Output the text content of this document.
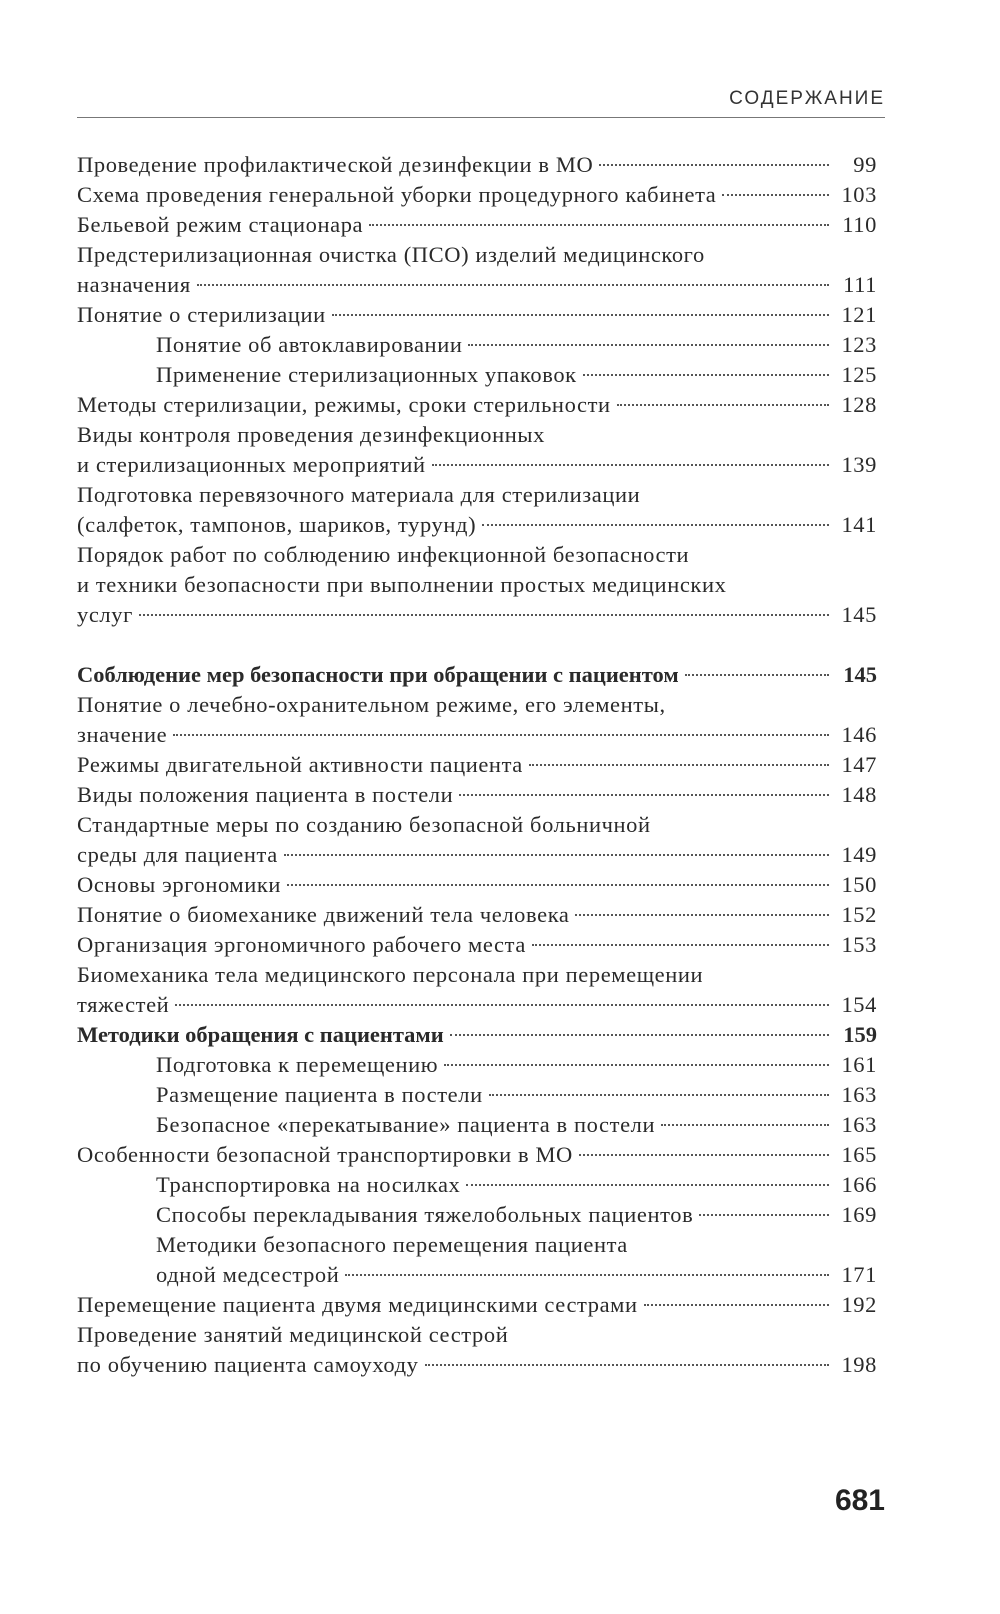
СОДЕРЖАНИЕ
Проведение профилактической дезинфекции в МО	99
Схема проведения генеральной уборки процедурного кабинета	103
Бельевой режим стационара	110
Предстерилизационная очистка (ПСО) изделий медицинского
назначения	111
Понятие о стерилизации	121
Понятие об автоклавировании	123
Применение стерилизационных упаковок	125
Методы стерилизации, режимы, сроки стерильности	128
Виды контроля проведения дезинфекционных
и стерилизационных мероприятий	139
Подготовка перевязочного материала для стерилизации
(салфеток, тампонов, шариков, турунд)	141
Порядок работ по соблюдению инфекционной безопасности
и техники безопасности при выполнении простых медицинских
услуг	145
Соблюдение мер безопасности при обращении с пациентом	145
Понятие о лечебно-охранительном режиме, его элементы,
значение	146
Режимы двигательной активности пациента	147
Виды положения пациента в постели	148
Стандартные меры по созданию безопасной больничной
среды для пациента	149
Основы эргономики	150
Понятие о биомеханике движений тела человека	152
Организация эргономичного рабочего места	153
Биомеханика тела медицинского персонала при перемещении
тяжестей	154
Методики обращения с пациентами	159
Подготовка к перемещению	161
Размещение пациента в постели	163
Безопасное «перекатывание» пациента в постели	163
Особенности безопасной транспортировки в МО	165
Транспортировка на носилках	166
Способы перекладывания тяжелобольных пациентов	169
Методики безопасного перемещения пациента
одной медсестрой	171
Перемещение пациента двумя медицинскими сестрами	192
Проведение занятий медицинской сестрой
по обучению пациента самоуходу	198
681
